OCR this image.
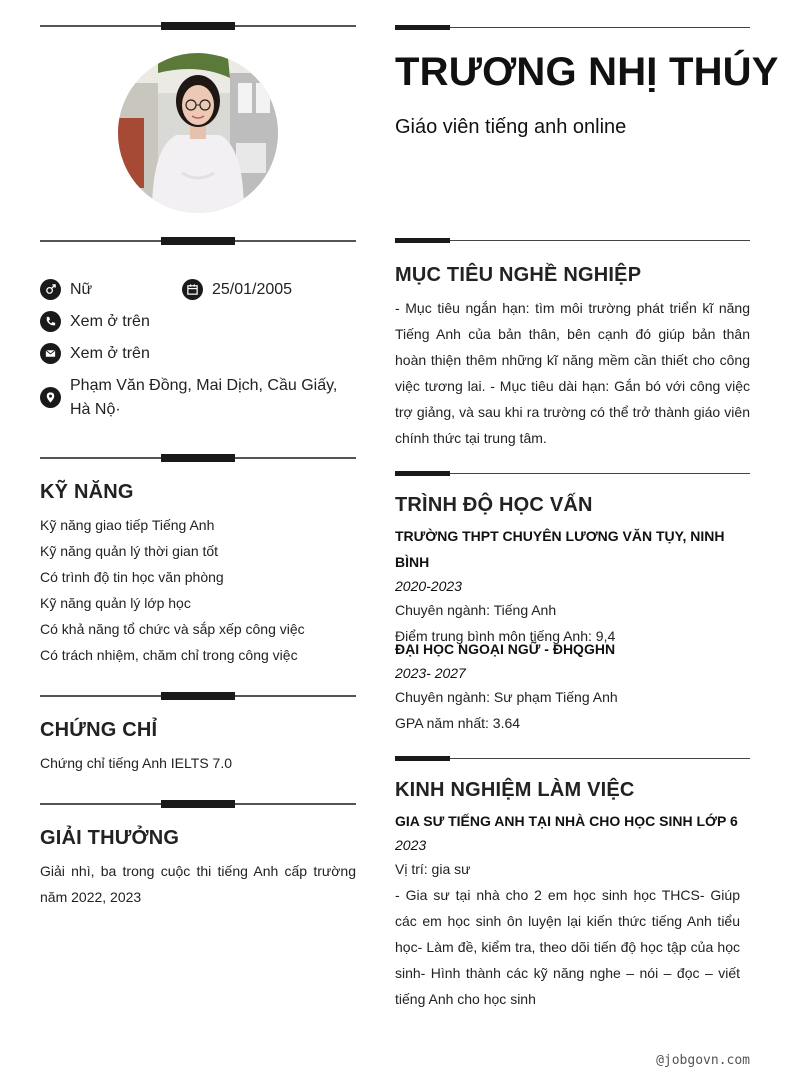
TRƯƠNG NHỊ THÚY
Giáo viên tiếng anh online
Nữ	25/01/2005
Xem ở trên
Xem ở trên
Phạm Văn Đồng, Mai Dịch, Cầu Giấy, Hà Nộ·
KỸ NĂNG
Kỹ năng giao tiếp Tiếng Anh
Kỹ năng quản lý thời gian tốt
Có trình độ tin học văn phòng
Kỹ năng quản lý lớp học
Có khả năng tổ chức và sắp xếp công việc
Có trách nhiệm, chăm chỉ trong công việc
CHỨNG CHỈ
Chứng chỉ tiếng Anh IELTS 7.0
GIẢI THƯỞNG
Giải nhì, ba trong cuộc thi tiếng Anh cấp trường năm 2022, 2023
MỤC TIÊU NGHỀ NGHIỆP
- Mục tiêu ngắn hạn: tìm môi trường phát triển kĩ năng Tiếng Anh của bản thân, bên cạnh đó giúp bản thân hoàn thiện thêm những kĩ năng mềm cần thiết cho công việc tương lai. - Mục tiêu dài hạn: Gắn bó với công việc trợ giảng, và sau khi ra trường có thể trở thành giáo viên chính thức tại trung tâm.
TRÌNH ĐỘ HỌC VẤN
TRƯỜNG THPT CHUYÊN LƯƠNG VĂN TỤY, NINH BÌNH
2020-2023
Chuyên ngành: Tiếng Anh
Điểm trung bình môn tiếng Anh: 9,4
ĐẠI HỌC NGOẠI NGỮ - ĐHQGHN
2023- 2027
Chuyên ngành: Sư phạm Tiếng Anh
GPA năm nhất: 3.64
KINH NGHIỆM LÀM VIỆC
GIA SƯ TIẾNG ANH TẠI NHÀ CHO HỌC SINH LỚP 6
2023
Vị trí: gia sư
- Gia sư tại nhà cho 2 em học sinh học THCS- Giúp các em học sinh ôn luyện lại kiến thức tiếng Anh tiểu học- Làm đề, kiểm tra, theo dõi tiến độ học tập của học sinh- Hình thành các kỹ năng nghe – nói – đọc – viết tiếng Anh cho học sinh
@jobgovn.com
